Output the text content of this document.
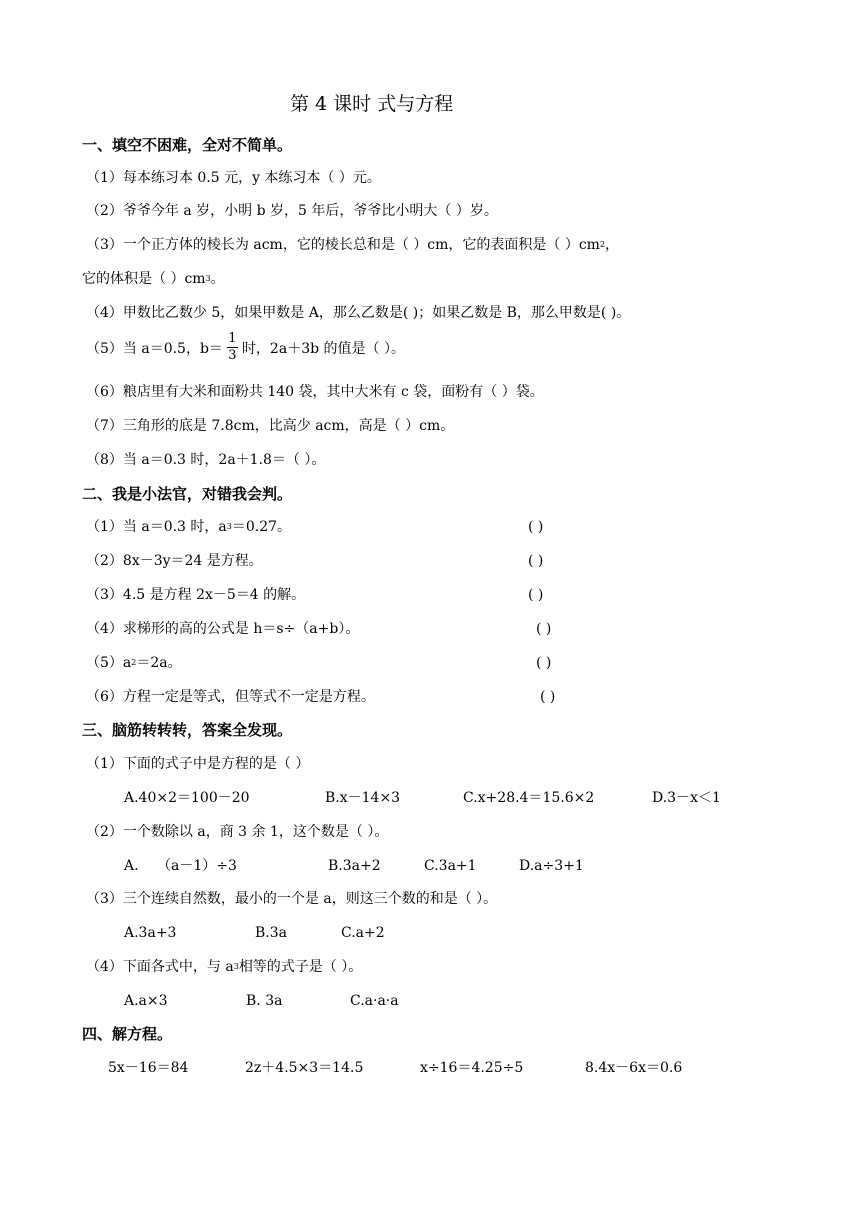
第 4 课时 式与方程
一、填空不困难，全对不简单。
（1）每本练习本 0.5 元，y 本练习本（ ）元。
（2）爷爷今年 a 岁，小明 b 岁，5 年后，爷爷比小明大（ ）岁。
（3）一个正方体的棱长为 acm，它的棱长总和是（ ）cm，它的表面积是（ ）$cm^2$，
它的体积是（ ）$cm^3$。
（4）甲数比乙数少 5，如果甲数是 A，那么乙数是( )；如果乙数是 B，那么甲数是( )。
（5）当 a＝0.5，$b= \frac{1}{3}$ 时，2a＋3b 的值是（ ）。
（6）粮店里有大米和面粉共 140 袋，其中大米有 c 袋，面粉有（ ）袋。
（7）三角形的底是 7.8cm，比高少 acm，高是（ ）cm。
（8）当 a＝0.3 时，2a＋1.8＝（ ）。
二、我是小法官，对错我会判。
（1）当 a＝0.3 时，$a^3=0.27$。	( )
（2）8x－3y＝24 是方程。	( )
（3）4.5 是方程 2x－5＝4 的解。	( )
（4）求梯形的高的公式是 h＝s÷（a+b）。	( )
$(5)a^2=2a$。	( )
（6）方程一定是等式，但等式不一定是方程。	( )
三、脑筋转转转，答案全发现。
（1）下面的式子中是方程的是（ ）
A.40×2＝100－20	B.x－14×3	C.x+28.4＝15.6×2	D.3－x＜1
（2）一个数除以 a，商 3 余 1，这个数是（ ）。
A.　 （a－1）÷3	B.3a+2	C.3a+1	D.a÷3+1
（3）三个连续自然数，最小的一个是 a，则这三个数的和是（ ）。
A.3a+3	B.3a	C.a+2
（4）下面各式中，与 $a^3$相等的式子是（ ）。
A.a×3	B. 3a	C.a·a·a
四、解方程。
5x－16＝84	2z＋4.5×3＝14.5	x÷16＝4.25÷5	8.4x－6x＝0.6
